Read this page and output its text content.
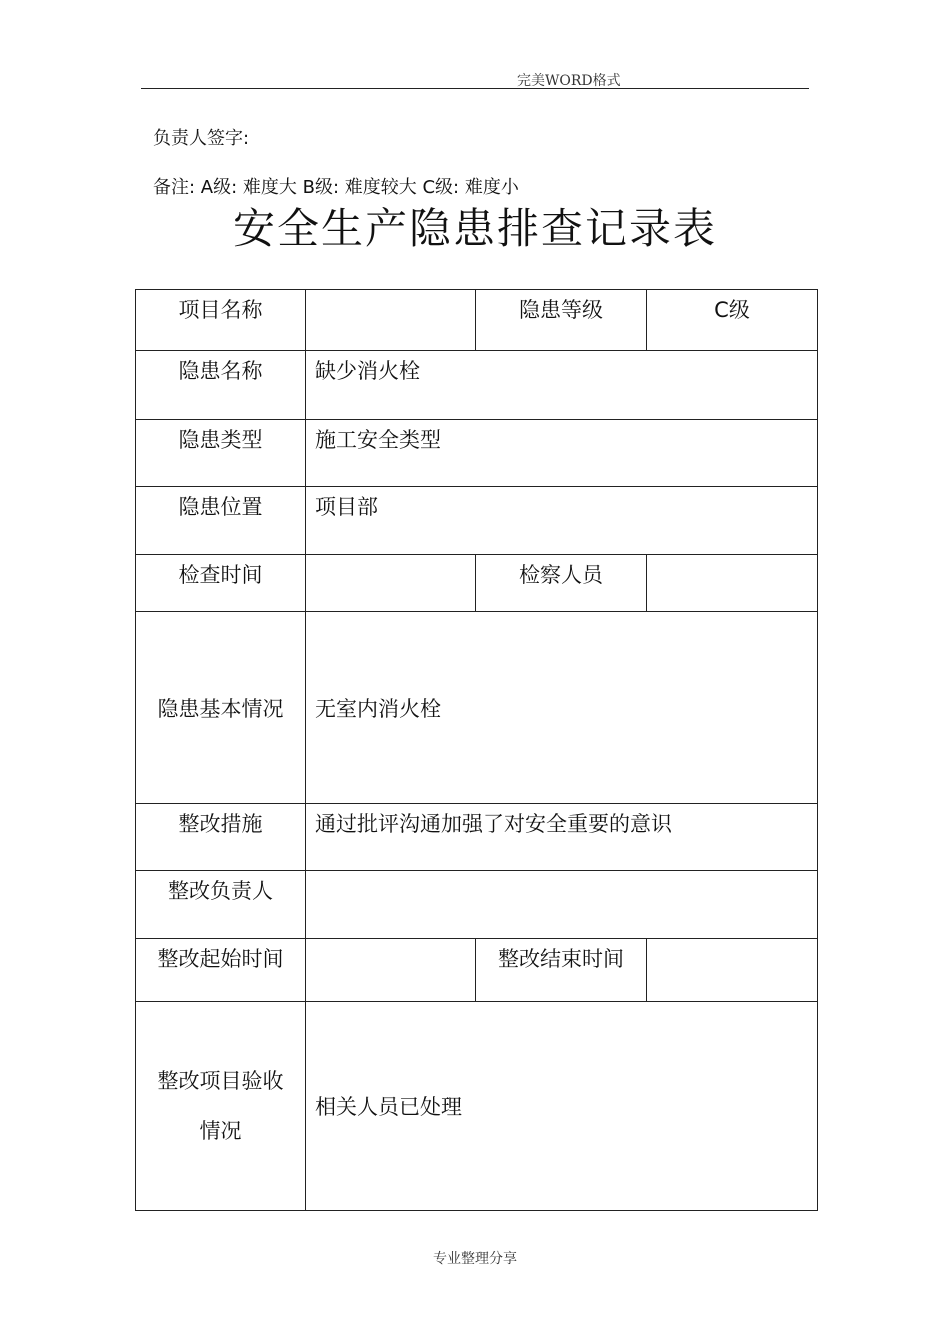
完美WORD格式
负责人签字:
备注: A级: 难度大 B级: 难度较大 C级: 难度小
安全生产隐患排查记录表
项目名称		隐患等级	C级
隐患名称	缺少消火栓		
隐患类型	施工安全类型		
隐患位置	项目部		
检查时间		检察人员	
隐患基本情况	无室内消火栓		
整改措施	通过批评沟通加强了对安全重要的意识		
整改负责人			
整改起始时间		整改结束时间	

整改项目验收
情况	相关人员已处理		
专业整理分享
